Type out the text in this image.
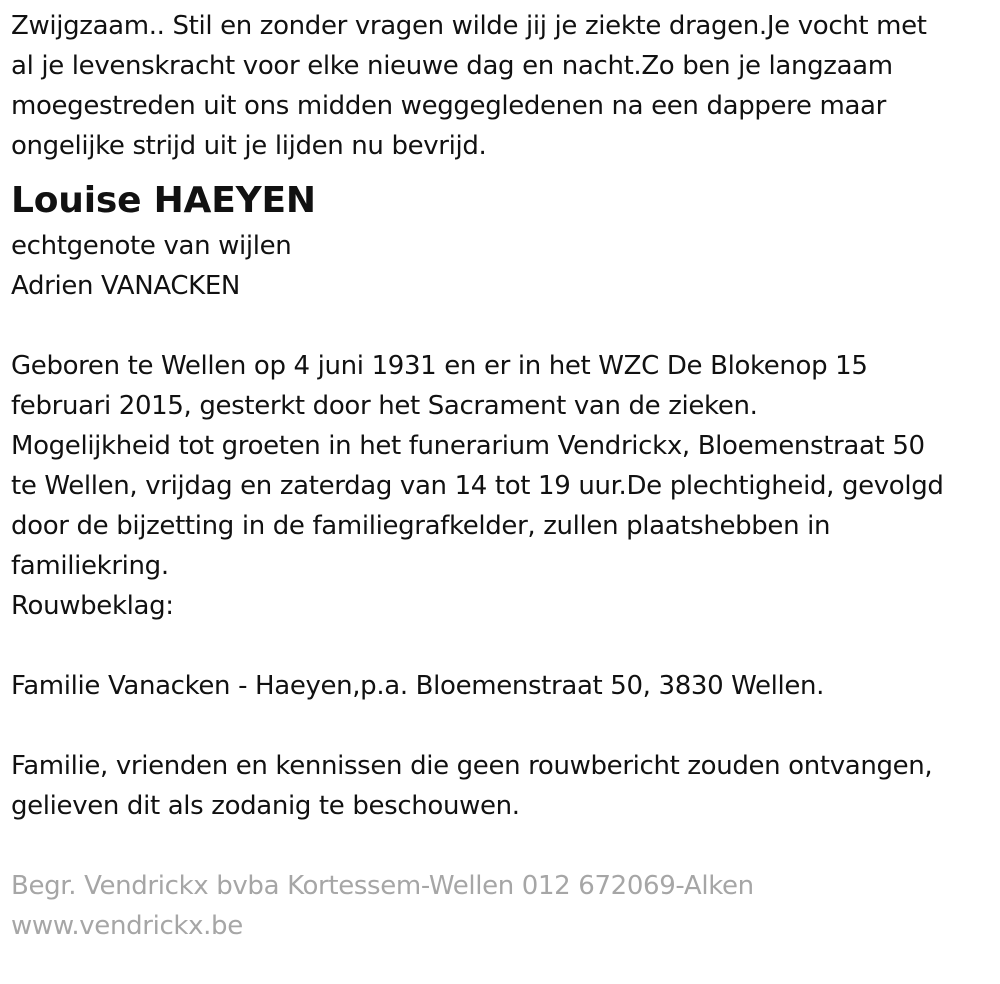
Zwijgzaam.. Stil en zonder vragen wilde jij je ziekte dragen.Je vocht met
al je levenskracht voor elke nieuwe dag en nacht.Zo ben je langzaam
moegestreden uit ons midden weggegledenen na een dappere maar
ongelijke strijd uit je lijden nu bevrijd.
Louise HAEYEN
echtgenote van wijlen
Adrien VANACKEN
Geboren te Wellen op 4 juni 1931 en er in het WZC De Blokenop 15
februari 2015, gesterkt door het Sacrament van de zieken.
Mogelijkheid tot groeten in het funerarium Vendrickx, Bloemenstraat 50
te Wellen, vrijdag en zaterdag van 14 tot 19 uur.De plechtigheid, gevolgd
door de bijzetting in de familiegrafkelder, zullen plaatshebben in
familiekring.
Rouwbeklag:
Familie Vanacken - Haeyen,p.a. Bloemenstraat 50, 3830 Wellen.
Familie, vrienden en kennissen die geen rouwbericht zouden ontvangen,
gelieven dit als zodanig te beschouwen.
Begr. Vendrickx bvba Kortessem-Wellen 012 672069-Alken
www.vendrickx.be
